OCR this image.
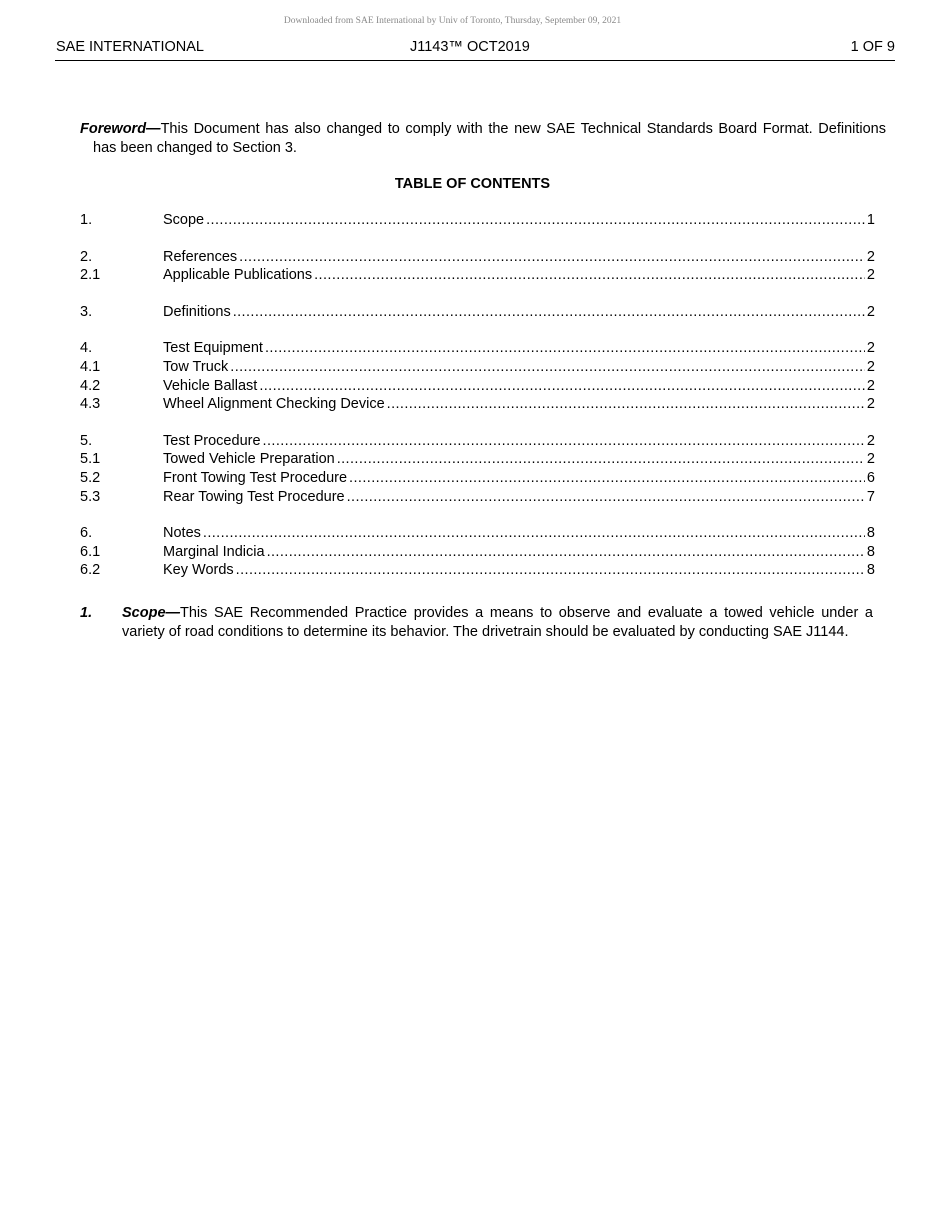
Downloaded from SAE International by Univ of Toronto, Thursday, September 09, 2021
SAE INTERNATIONAL	J1143™ OCT2019	1 OF 9
Foreword—This Document has also changed to comply with the new SAE Technical Standards Board Format. Definitions has been changed to Section 3.
TABLE OF CONTENTS
1.	Scope .....	1
2.	References .....	2
2.1	Applicable Publications .....	2
3.	Definitions .....	2
4.	Test Equipment .....	2
4.1	Tow Truck .....	2
4.2	Vehicle Ballast .....	2
4.3	Wheel Alignment Checking Device .....	2
5.	Test Procedure .....	2
5.1	Towed Vehicle Preparation .....	2
5.2	Front Towing Test Procedure .....	6
5.3	Rear Towing Test Procedure .....	7
6.	Notes .....	8
6.1	Marginal Indicia .....	8
6.2	Key Words .....	8
1. Scope—This SAE Recommended Practice provides a means to observe and evaluate a towed vehicle under a variety of road conditions to determine its behavior. The drivetrain should be evaluated by conducting SAE J1144.
